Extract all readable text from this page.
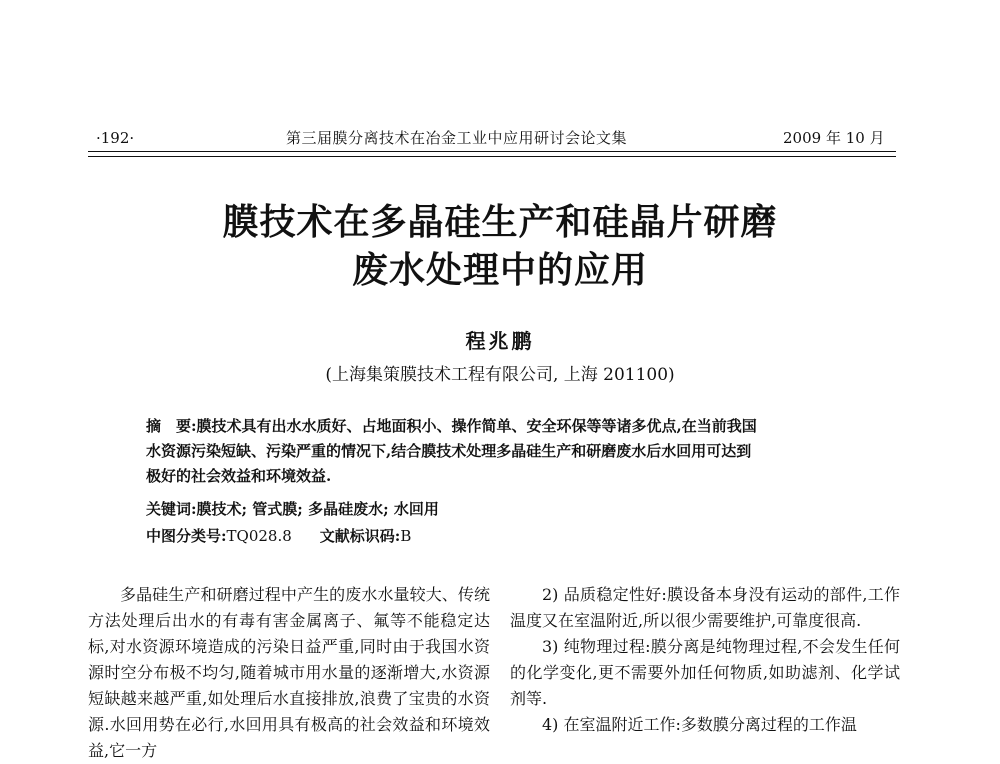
·192·	第三届膜分离技术在冶金工业中应用研讨会论文集	2009 年 10 月
膜技术在多晶硅生产和硅晶片研磨
废水处理中的应用
程兆鹏
(上海集策膜技术工程有限公司, 上海 201100)
摘　要:膜技术具有出水水质好、占地面积小、操作简单、安全环保等等诸多优点,在当前我国
水资源污染短缺、污染严重的情况下,结合膜技术处理多晶硅生产和研磨废水后水回用可达到
极好的社会效益和环境效益.
关键词:膜技术; 管式膜; 多晶硅废水; 水回用
中图分类号:TQ028.8 文献标识码:B

多晶硅生产和研磨过程中产生的废水水量较大、传统方法处理后出水的有毒有害金属离子、氟等不能稳定达标,对水资源环境造成的污染日益严重,同时由于我国水资源时空分布极不均匀,随着城市用水量的逐渐增大,水资源短缺越来越严重,如处理后水直接排放,浪费了宝贵的水资源.水回用势在必行,水回用具有极高的社会效益和环境效益,它一方

2) 品质稳定性好:膜设备本身没有运动的部件,工作温度又在室温附近,所以很少需要维护,可靠度很高.

3) 纯物理过程:膜分离是纯物理过程,不会发生任何的化学变化,更不需要外加任何物质,如助滤剂、化学试剂等.

4) 在室温附近工作:多数膜分离过程的工作温
